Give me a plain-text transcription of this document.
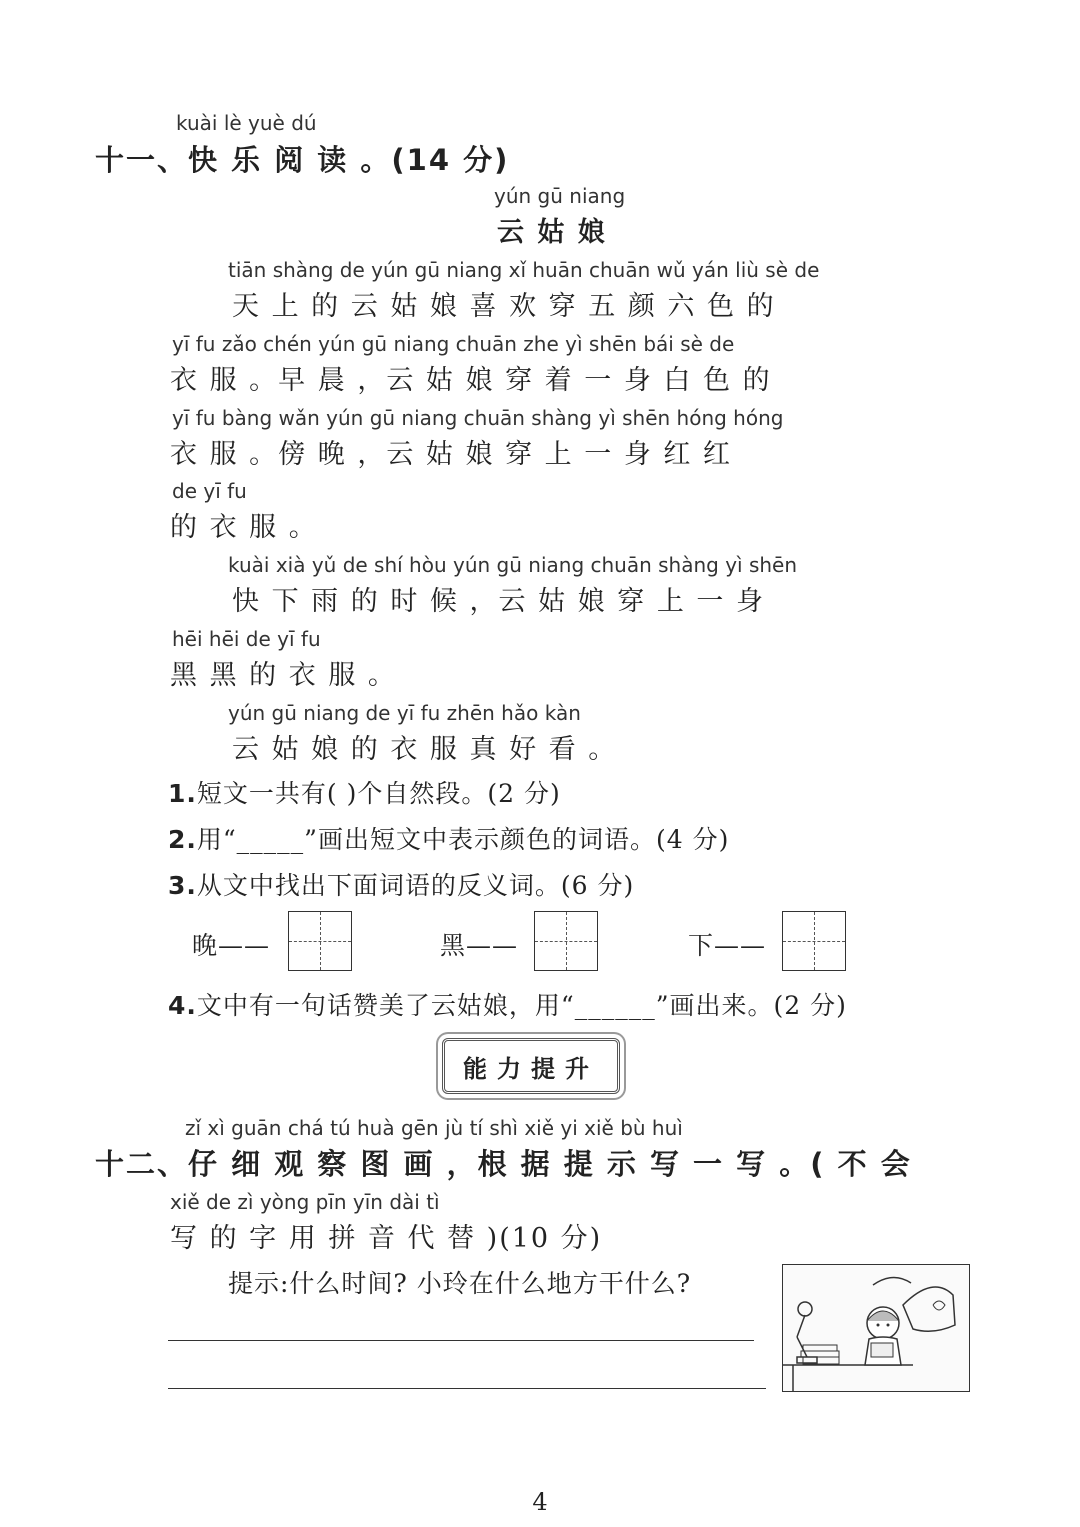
kuài lè yuè dú
十一、快 乐 阅 读 。(14 分)
yún gū niang
云 姑 娘
tiān shàng de yún gū niang xǐ huān chuān wǔ yán liù sè de
天 上 的 云 姑 娘 喜 欢 穿 五 颜 六 色 的
yī fu zǎo chén yún gū niang chuān zhe yì shēn bái sè de
衣 服 。早 晨 ，云 姑 娘 穿 着 一 身 白 色 的
yī fu bàng wǎn yún gū niang chuān shàng yì shēn hóng hóng
衣 服 。傍 晚 ，云 姑 娘 穿 上 一 身 红 红
de yī fu
的 衣 服 。
kuài xià yǔ de shí hòu yún gū niang chuān shàng yì shēn
快 下 雨 的 时 候 ，云 姑 娘 穿 上 一 身
hēi hēi de yī fu
黑 黑 的 衣 服 。
yún gū niang de yī fu zhēn hǎo kàn
云 姑 娘 的 衣 服 真 好 看 。
1.短文一共有( )个自然段。(2 分)
2.用“_____”画出短文中表示颜色的词语。(4 分)
3.从文中找出下面词语的反义词。(6 分)
晚——	黑——	下——
4.文中有一句话赞美了云姑娘，用“______”画出来。(2 分)
能力提升
zǐ xì guān chá tú huà gēn jù tí shì xiě yi xiě bù huì
十二、仔 细 观 察 图 画 ，根 据 提 示 写 一 写 。( 不 会
xiě de zì yòng pīn yīn dài tì
写 的 字 用 拼 音 代 替 )(10 分)
提示:什么时间? 小玲在什么地方干什么?
4
